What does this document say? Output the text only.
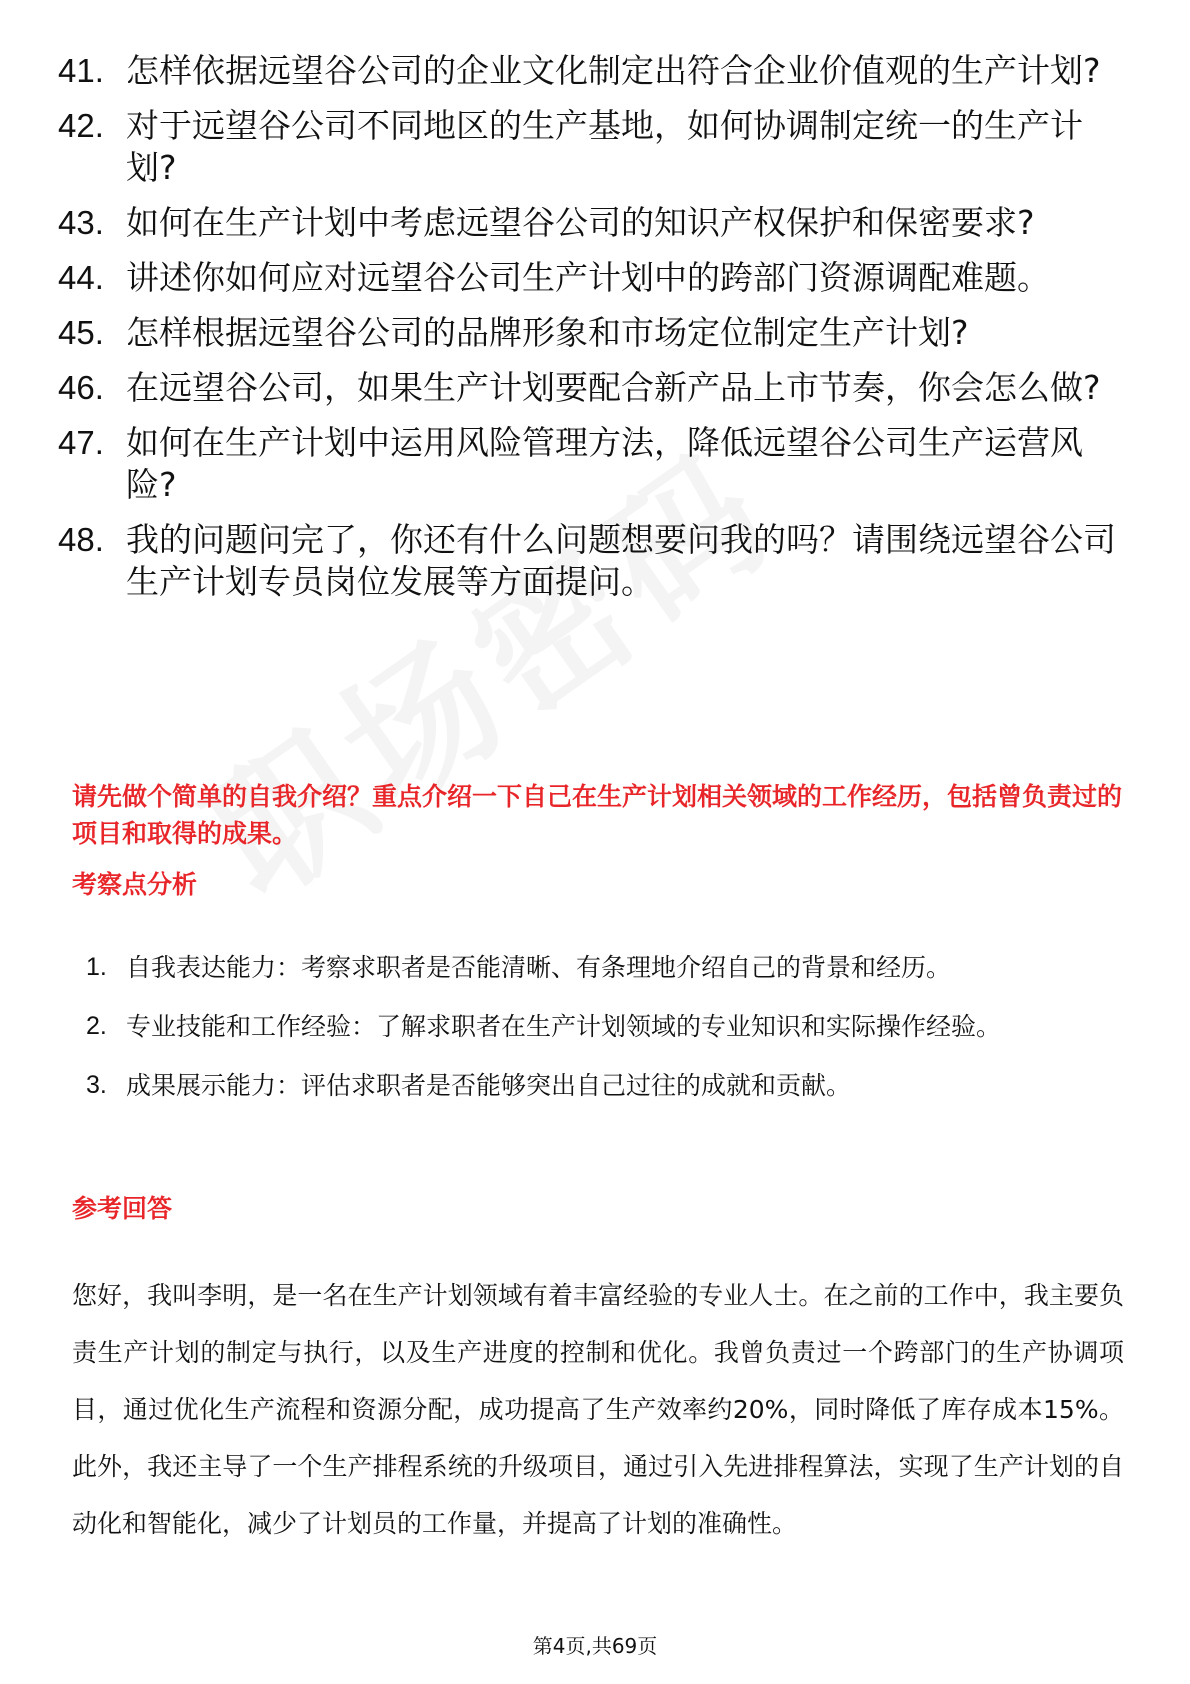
41. 怎样依据远望谷公司的企业文化制定出符合企业价值观的生产计划?
42. 对于远望谷公司不同地区的生产基地，如何协调制定统一的生产计划?
43. 如何在生产计划中考虑远望谷公司的知识产权保护和保密要求?
44. 讲述你如何应对远望谷公司生产计划中的跨部门资源调配难题。
45. 怎样根据远望谷公司的品牌形象和市场定位制定生产计划?
46. 在远望谷公司，如果生产计划要配合新产品上市节奏，你会怎么做?
47. 如何在生产计划中运用风险管理方法，降低远望谷公司生产运营风险?
48. 我的问题问完了，你还有什么问题想要问我的吗？请围绕远望谷公司生产计划专员岗位发展等方面提问。

请先做个简单的自我介绍？重点介绍一下自己在生产计划相关领域的工作经历，包括曾负责过的项目和取得的成果。

考察点分析
1. 自我表达能力：考察求职者是否能清晰、有条理地介绍自己的背景和经历。
2. 专业技能和工作经验：了解求职者在生产计划领域的专业知识和实际操作经验。
3. 成果展示能力：评估求职者是否能够突出自己过往的成就和贡献。
参考回答

您好，我叫李明，是一名在生产计划领域有着丰富经验的专业人士。在之前的工作中，我主要负责生产计划的制定与执行，以及生产进度的控制和优化。我曾负责过一个跨部门的生产协调项目，通过优化生产流程和资源分配，成功提高了生产效率约20%，同时降低了库存成本15%。此外，我还主导了一个生产排程系统的升级项目，通过引入先进排程算法，实现了生产计划的自动化和智能化，减少了计划员的工作量，并提高了计划的准确性。

第4页,共69页
